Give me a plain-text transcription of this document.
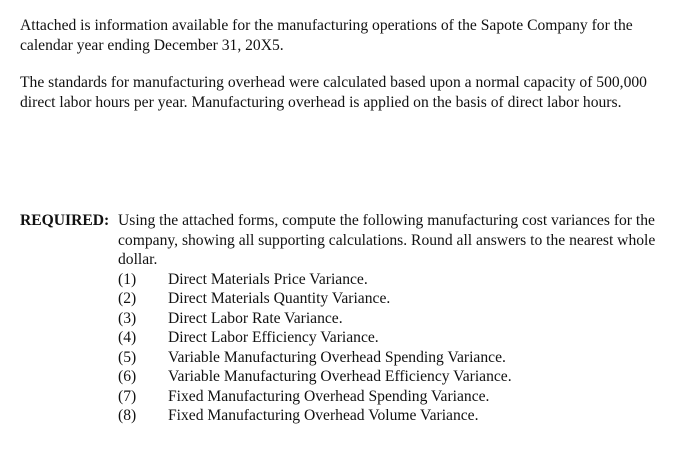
Attached is information available for the manufacturing operations of the Sapote Company for the calendar year ending December 31, 20X5.

The standards for manufacturing overhead were calculated based upon a normal capacity of 500,000 direct labor hours per year. Manufacturing overhead is applied on the basis of direct labor hours.

REQUIRED: Using the attached forms, compute the following manufacturing cost variances for the company, showing all supporting calculations. Round all answers to the nearest whole dollar.

(1)	Direct Materials Price Variance.
(2)	Direct Materials Quantity Variance.
(3)	Direct Labor Rate Variance.
(4)	Direct Labor Efficiency Variance.
(5)	Variable Manufacturing Overhead Spending Variance.
(6)	Variable Manufacturing Overhead Efficiency Variance.
(7)	Fixed Manufacturing Overhead Spending Variance.
(8)	Fixed Manufacturing Overhead Volume Variance.
